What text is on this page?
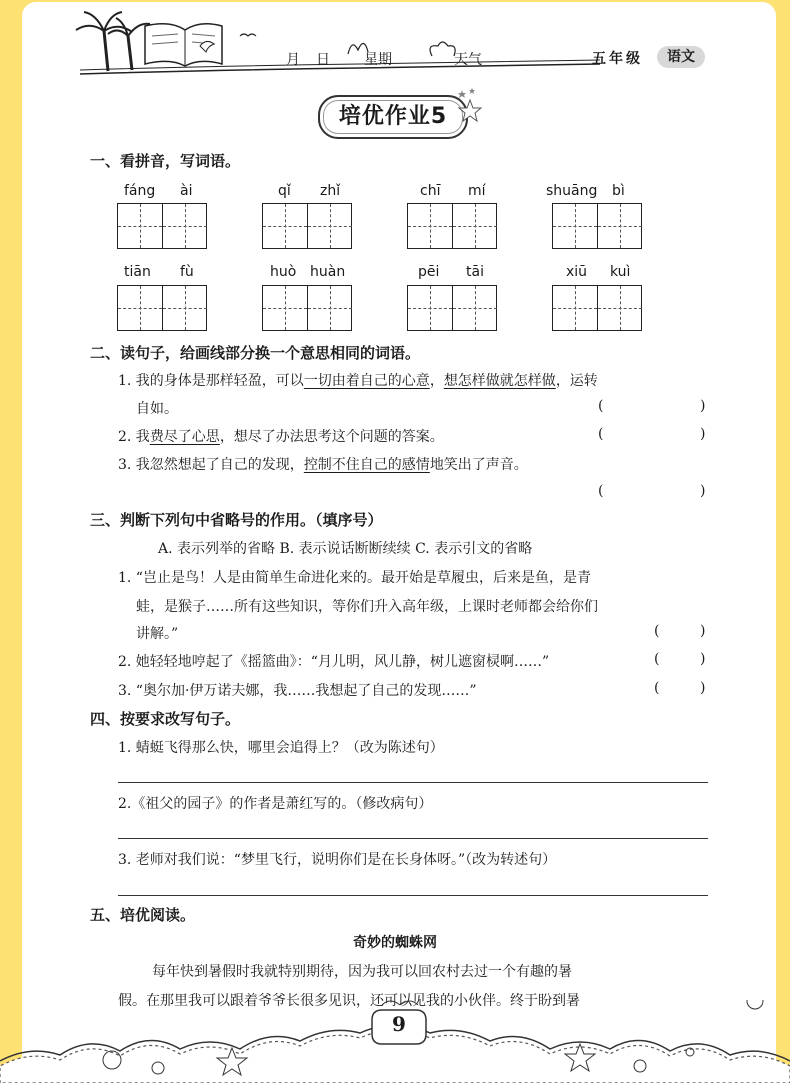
月 日 星期	天气	五年级	语文
培优作业5
一、看拼音，写词语。
fáng ài	qǐ zhǐ	chī mí	shuāng bì
tiān fù	huò huàn	pēi tāi	xiū kuì
二、读句子，给画线部分换一个意思相同的词语。
1. 我的身体是那样轻盈，可以一切由着自己的心意，想怎样做就怎样做，运转
自如。	(	)
2. 我费尽了心思，想尽了办法思考这个问题的答案。	(	)
3. 我忽然想起了自己的发现，控制不住自己的感情地笑出了声音。
(	)
三、判断下列句中省略号的作用。（填序号）
A. 表示列举的省略 B. 表示说话断断续续 C. 表示引文的省略
1. “岂止是鸟！人是由简单生命进化来的。最开始是草履虫，后来是鱼，是青
蛙，是猴子……所有这些知识，等你们升入高年级，上课时老师都会给你们
讲解。”	(	)
2. 她轻轻地哼起了《摇篮曲》：“月儿明，风儿静，树儿遮窗棂啊……”	(	)
3. “奥尔加·伊万诺夫娜，我……我想起了自己的发现……”	(	)
四、按要求改写句子。
1. 蜻蜓飞得那么快，哪里会追得上？（改为陈述句）
2.《祖父的园子》的作者是萧红写的。（修改病句）
3. 老师对我们说：“梦里飞行，说明你们是在长身体呀。”（改为转述句）
五、培优阅读。
奇妙的蜘蛛网
每年快到暑假时我就特别期待，因为我可以回农村去过一个有趣的暑
假。在那里我可以跟着爷爷长很多见识，还可以见我的小伙伴。终于盼到暑
9
